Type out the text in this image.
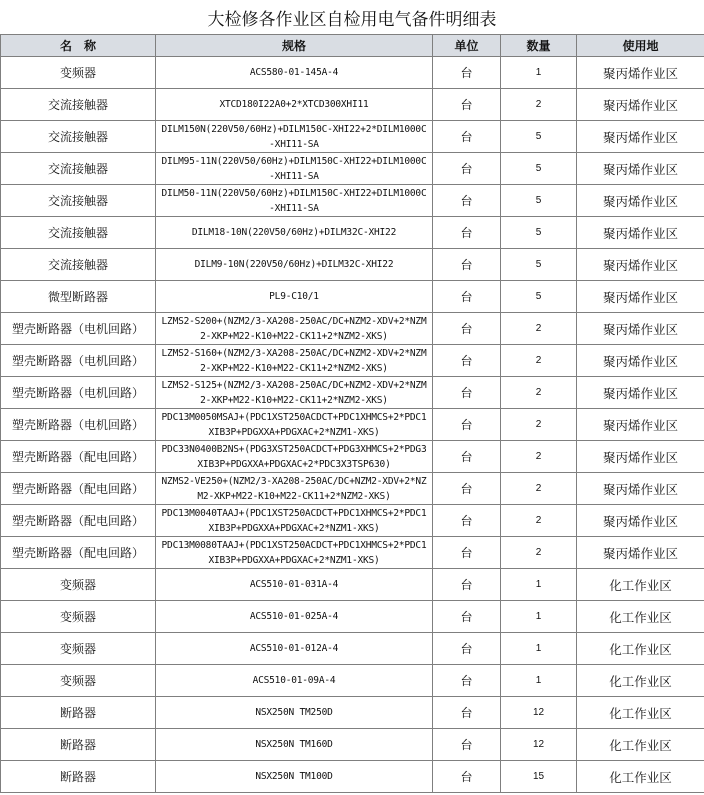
大检修各作业区自检用电气备件明细表
名　称	规格	单位	数量	使用地
变频器	ACS580-01-145A-4	台	1	聚丙烯作业区
交流接触器	XTCD180I22A0+2*XTCD300XHI11	台	2	聚丙烯作业区
交流接触器	DILM150N(220V50/60Hz)+DILM150C-XHI22+2*DILM1000C-XHI11-SA	台	5	聚丙烯作业区
交流接触器	DILM95-11N(220V50/60Hz)+DILM150C-XHI22+DILM1000C-XHI11-SA	台	5	聚丙烯作业区
交流接触器	DILM50-11N(220V50/60Hz)+DILM150C-XHI22+DILM1000C-XHI11-SA	台	5	聚丙烯作业区
交流接触器	DILM18-10N(220V50/60Hz)+DILM32C-XHI22	台	5	聚丙烯作业区
交流接触器	DILM9-10N(220V50/60Hz)+DILM32C-XHI22	台	5	聚丙烯作业区
微型断路器	PL9-C10/1	台	5	聚丙烯作业区
塑壳断路器（电机回路）	LZMS2-S200+(NZM2/3-XA208-250AC/DC+NZM2-XDV+2*NZM2-XKP+M22-K10+M22-CK11+2*NZM2-XKS)	台	2	聚丙烯作业区
塑壳断路器（电机回路）	LZMS2-S160+(NZM2/3-XA208-250AC/DC+NZM2-XDV+2*NZM2-XKP+M22-K10+M22-CK11+2*NZM2-XKS)	台	2	聚丙烯作业区
塑壳断路器（电机回路）	LZMS2-S125+(NZM2/3-XA208-250AC/DC+NZM2-XDV+2*NZM2-XKP+M22-K10+M22-CK11+2*NZM2-XKS)	台	2	聚丙烯作业区
塑壳断路器（电机回路）	PDC13M0050MSAJ+(PDC1XST250ACDCT+PDC1XHMCS+2*PDC1XIB3P+PDGXXA+PDGXAC+2*NZM1-XKS)	台	2	聚丙烯作业区
塑壳断路器（配电回路）	PDC33N0400B2NS+(PDG3XST250ACDCT+PDG3XHMCS+2*PDG3XIB3P+PDGXXA+PDGXAC+2*PDC3X3TSP630)	台	2	聚丙烯作业区
塑壳断路器（配电回路）	NZMS2-VE250+(NZM2/3-XA208-250AC/DC+NZM2-XDV+2*NZM2-XKP+M22-K10+M22-CK11+2*NZM2-XKS)	台	2	聚丙烯作业区
塑壳断路器（配电回路）	PDC13M0040TAAJ+(PDC1XST250ACDCT+PDC1XHMCS+2*PDC1XIB3P+PDGXXA+PDGXAC+2*NZM1-XKS)	台	2	聚丙烯作业区
塑壳断路器（配电回路）	PDC13M0080TAAJ+(PDC1XST250ACDCT+PDC1XHMCS+2*PDC1XIB3P+PDGXXA+PDGXAC+2*NZM1-XKS)	台	2	聚丙烯作业区
变频器	ACS510-01-031A-4	台	1	化工作业区
变频器	ACS510-01-025A-4	台	1	化工作业区
变频器	ACS510-01-012A-4	台	1	化工作业区
变频器	ACS510-01-09A-4	台	1	化工作业区
断路器	NSX250N TM250D	台	12	化工作业区
断路器	NSX250N TM160D	台	12	化工作业区
断路器	NSX250N TM100D	台	15	化工作业区
